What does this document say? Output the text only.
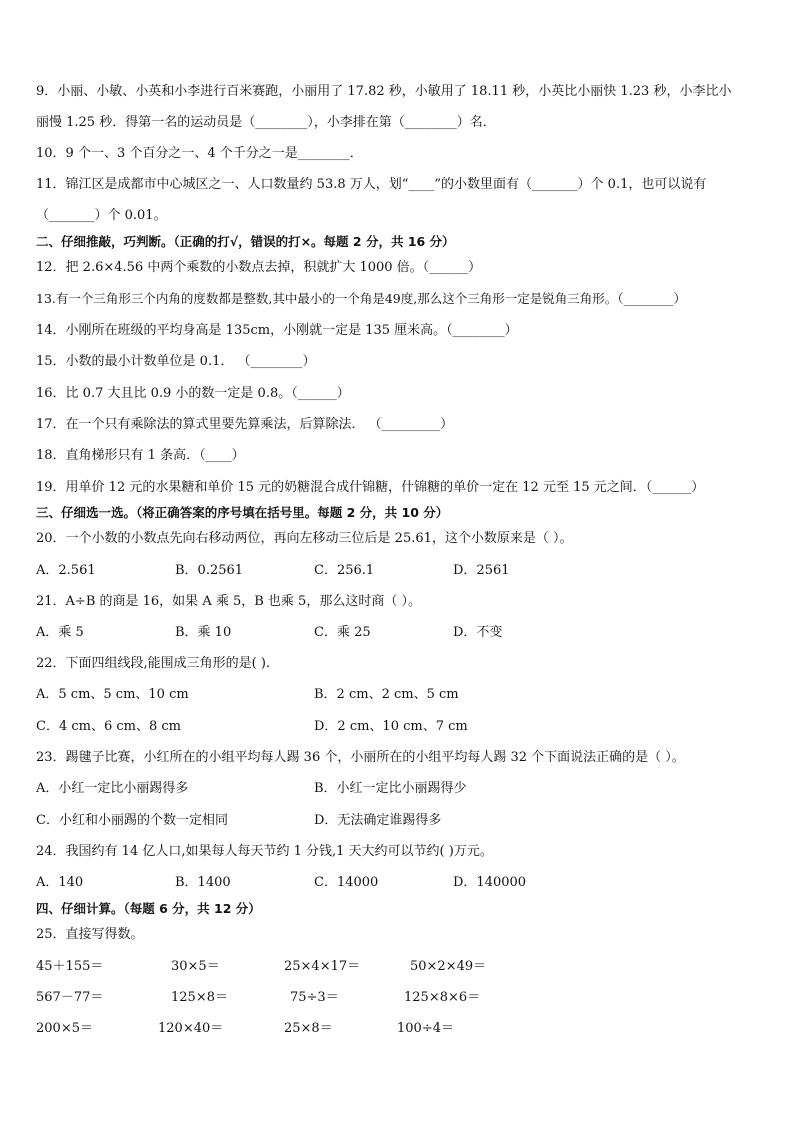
9．小丽、小敏、小英和小李进行百米赛跑，小丽用了 17.82 秒，小敏用了 18.11 秒，小英比小丽快 1.23 秒，小李比小
丽慢 1.25 秒．得第一名的运动员是（________），小李排在第（________）名．
10．9 个一、3 个百分之一、4 个千分之一是________．
11．锦江区是成都市中心城区之一、人口数量约 53.8 万人，划“____”的小数里面有（_______）个 0.1，也可以说有
（_______）个 0.01。
二、仔细推敲，巧判断。（正确的打√，错误的打×。每题 2 分，共 16 分）
12．把 2.6×4.56 中两个乘数的小数点去掉，积就扩大 1000 倍。（______）
13.有一个三角形三个内角的度数都是整数,其中最小的一个角是49度,那么这个三角形一定是锐角三角形。（________）
14．小刚所在班级的平均身高是 135cm，小刚就一定是 135 厘米高。（________）
15．小数的最小计数单位是 0.1． （________）
16．比 0.7 大且比 0.9 小的数一定是 0.8。（______）
17．在一个只有乘除法的算式里要先算乘法，后算除法． （_________）
18．直角梯形只有 1 条高．（____）
19．用单价 12 元的水果糖和单价 15 元的奶糖混合成什锦糖，什锦糖的单价一定在 12 元至 15 元之间．（______）
三、仔细选一选。（将正确答案的序号填在括号里。每题 2 分，共 10 分）
20．一个小数的小数点先向右移动两位，再向左移动三位后是 25.61，这个小数原来是（ ）。
A．2.561	B．0.2561	C．256.1	D．2561
21．A÷B 的商是 16，如果 A 乘 5，B 也乘 5，那么这时商（ ）。
A．乘 5	B．乘 10	C．乘 25	D．不变
22．下面四组线段,能围成三角形的是( ).
A．5 cm、5 cm、10 cm	B．2 cm、2 cm、5 cm
C．4 cm、6 cm、8 cm	D．2 cm、10 cm、7 cm
23．踢毽子比赛，小红所在的小组平均每人踢 36 个，小丽所在的小组平均每人踢 32 个下面说法正确的是（ ）。
A．小红一定比小丽踢得多	B．小红一定比小丽踢得少
C．小红和小丽踢的个数一定相同	D．无法确定谁踢得多
24．我国约有 14 亿人口,如果每人每天节约 1 分钱,1 天大约可以节约( )万元。
A．140	B．1400	C．14000	D．140000
四、仔细计算。（每题 6 分，共 12 分）
25．直接写得数。
45＋155＝	30×5＝	25×4×17＝	50×2×49＝
567－77＝	125×8＝	75÷3＝	125×8×6＝
200×5＝	120×40＝	25×8＝	100÷4＝
